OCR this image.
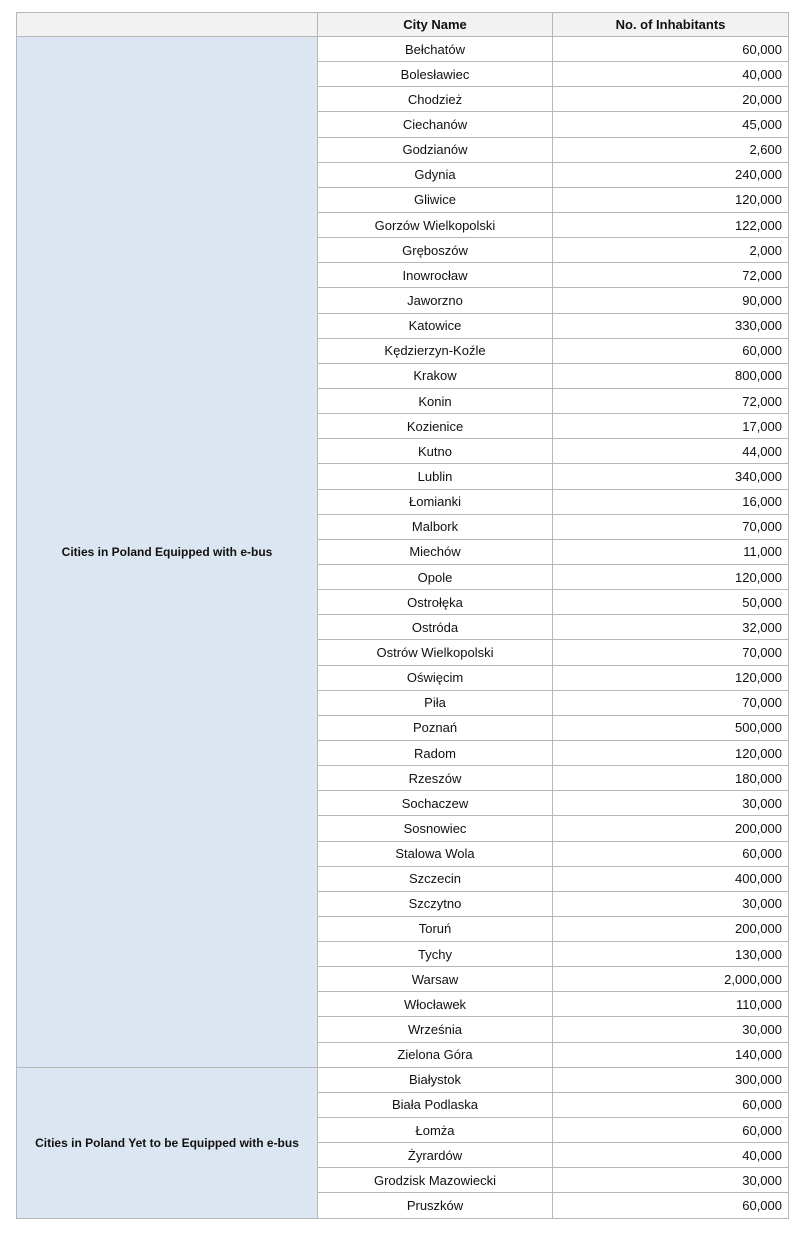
	City Name	No. of Inhabitants
Cities in Poland Equipped with e-bus	Bełchatów	60,000
	Bolesławiec	40,000
	Chodzież	20,000
	Ciechanów	45,000
	Godzianów	2,600
	Gdynia	240,000
	Gliwice	120,000
	Gorzów Wielkopolski	122,000
	Gręboszów	2,000
	Inowrocław	72,000
	Jaworzno	90,000
	Katowice	330,000
	Kędzierzyn-Koźle	60,000
	Krakow	800,000
	Konin	72,000
	Kozienice	17,000
	Kutno	44,000
	Lublin	340,000
	Łomianki	16,000
	Malbork	70,000
	Miechów	11,000
	Opole	120,000
	Ostrołęka	50,000
	Ostróda	32,000
	Ostrów Wielkopolski	70,000
	Oświęcim	120,000
	Piła	70,000
	Poznań	500,000
	Radom	120,000
	Rzeszów	180,000
	Sochaczew	30,000
	Sosnowiec	200,000
	Stalowa Wola	60,000
	Szczecin	400,000
	Szczytno	30,000
	Toruń	200,000
	Tychy	130,000
	Warsaw	2,000,000
	Włocławek	110,000
	Września	30,000
	Zielona Góra	140,000
Cities in Poland Yet to be Equipped with e-bus	Białystok	300,000
	Biała Podlaska	60,000
	Łomża	60,000
	Żyrardów	40,000
	Grodzisk Mazowiecki	30,000
	Pruszków	60,000
